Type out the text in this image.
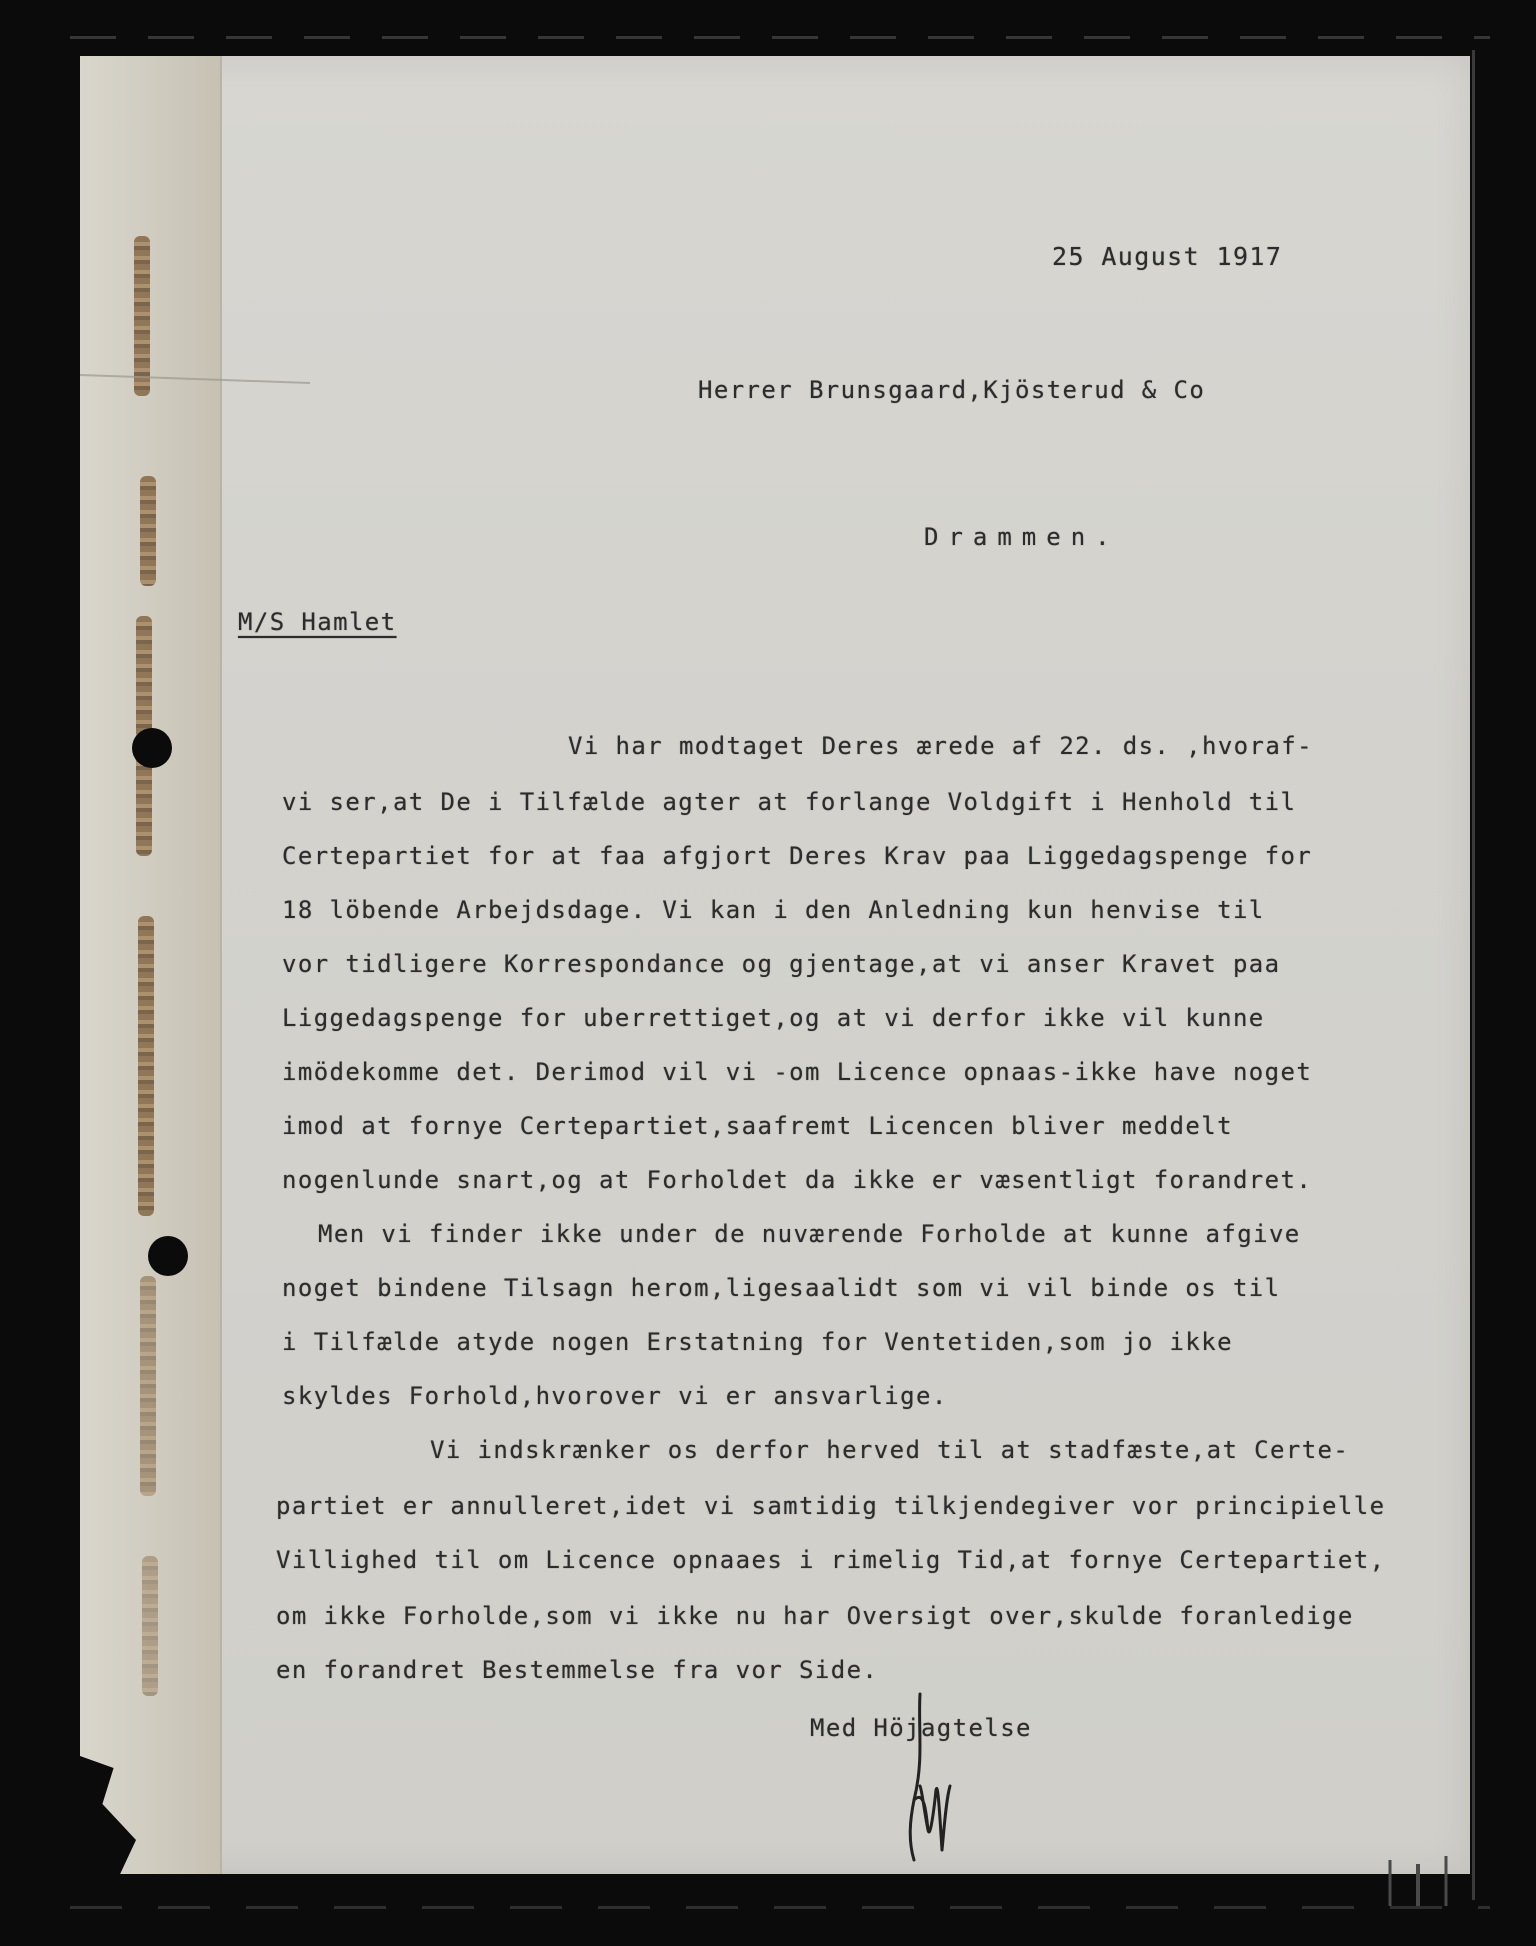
25 August 1917
Herrer Brunsgaard,Kjösterud & Co
Drammen.
M/S Hamlet
Vi har modtaget Deres ærede af 22. ds. ,hvoraf-
vi ser,at De i Tilfælde agter at forlange Voldgift i Henhold til
Certepartiet for at faa afgjort Deres Krav paa Liggedagspenge for
18 löbende Arbejdsdage. Vi kan i den Anledning kun henvise til
vor tidligere Korrespondance og gjentage,at vi anser Kravet paa
Liggedagspenge for uberrettiget,og at vi derfor ikke vil kunne
imödekomme det. Derimod vil vi -om Licence opnaas-ikke have noget
imod at fornye Certepartiet,saafremt Licencen bliver meddelt
nogenlunde snart,og at Forholdet da ikke er væsentligt forandret.
Men vi finder ikke under de nuværende Forholde at kunne afgive
noget bindene Tilsagn herom,ligesaalidt som vi vil binde os til
i Tilfælde atyde nogen Erstatning for Ventetiden,som jo ikke
skyldes Forhold,hvorover vi er ansvarlige.
Vi indskrænker os derfor herved til at stadfæste,at Certe-
partiet er annulleret,idet vi samtidig tilkjendegiver vor principielle
Villighed til om Licence opnaaes i rimelig Tid,at fornye Certepartiet,
om ikke Forholde,som vi ikke nu har Oversigt over,skulde foranledige
en forandret Bestemmelse fra vor Side.
Med Höjagtelse
